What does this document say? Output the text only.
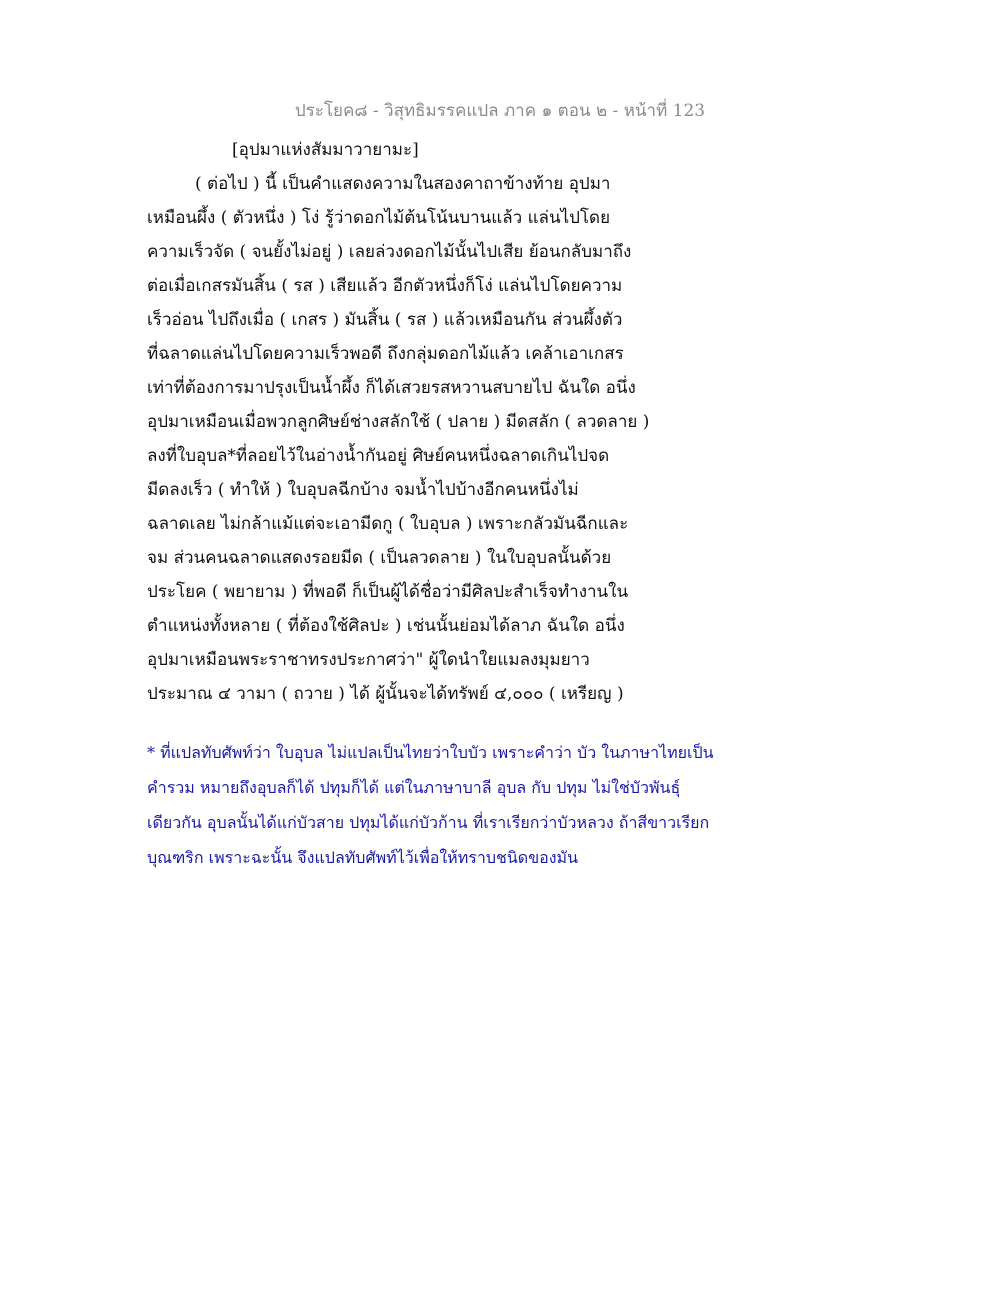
ประโยค๘ - วิสุทธิมรรคแปล ภาค ๑ ตอน ๒ - หน้าที่ 123
[อุปมาแห่งสัมมาวายามะ]
( ต่อไป ) นี้ เป็นคำแสดงความในสองคาถาข้างท้าย อุปมา
เหมือนผึ้ง ( ตัวหนึ่ง ) โง่ รู้ว่าดอกไม้ต้นโน้นบานแล้ว แล่นไปโดย
ความเร็วจัด ( จนยั้งไม่อยู่ ) เลยล่วงดอกไม้นั้นไปเสีย ย้อนกลับมาถึง
ต่อเมื่อเกสรมันสิ้น ( รส ) เสียแล้ว อีกตัวหนึ่งก็โง่ แล่นไปโดยความ
เร็วอ่อน ไปถึงเมื่อ ( เกสร ) มันสิ้น ( รส ) แล้วเหมือนกัน ส่วนผึ้งตัว
ที่ฉลาดแล่นไปโดยความเร็วพอดี ถึงกลุ่มดอกไม้แล้ว เคล้าเอาเกสร
เท่าที่ต้องการมาปรุงเป็นน้ำผึ้ง ก็ได้เสวยรสหวานสบายไป ฉันใด อนึ่ง
อุปมาเหมือนเมื่อพวกลูกศิษย์ช่างสลักใช้ ( ปลาย ) มีดสลัก ( ลวดลาย )
ลงที่ใบอุบล*ที่ลอยไว้ในอ่างน้ำกันอยู่ ศิษย์คนหนึ่งฉลาดเกินไปจด
มีดลงเร็ว ( ทำให้ ) ใบอุบลฉีกบ้าง จมน้ำไปบ้างอีกคนหนึ่งไม่
ฉลาดเลย ไม่กล้าแม้แต่จะเอามีดกู ( ใบอุบล ) เพราะกลัวมันฉีกและ
จม ส่วนคนฉลาดแสดงรอยมีด ( เป็นลวดลาย ) ในใบอุบลนั้นด้วย
ประโยค ( พยายาม ) ที่พอดี ก็เป็นผู้ได้ชื่อว่ามีศิลปะสำเร็จทำงานใน
ตำแหน่งทั้งหลาย ( ที่ต้องใช้ศิลปะ ) เช่นนั้นย่อมได้ลาภ ฉันใด อนึ่ง
อุปมาเหมือนพระราชาทรงประกาศว่า" ผู้ใดนำใยแมลงมุมยาว
ประมาณ ๔ วามา ( ถวาย ) ได้ ผู้นั้นจะได้ทรัพย์ ๔,๐๐๐ ( เหรียญ )
* ที่แปลทับศัพท์ว่า ใบอุบล ไม่แปลเป็นไทยว่าใบบัว เพราะคำว่า บัว ในภาษาไทยเป็น
คำรวม หมายถึงอุบลก็ได้ ปทุมก็ได้ แต่ในภาษาบาลี อุบล กับ ปทุม ไม่ใช่บัวพันธุ์
เดียวกัน อุบลนั้นได้แก่บัวสาย ปทุมได้แก่บัวก้าน ที่เราเรียกว่าบัวหลวง ถ้าสีขาวเรียก
บุณฑริก เพราะฉะนั้น จึงแปลทับศัพท์ไว้เพื่อให้ทราบชนิดของมัน
